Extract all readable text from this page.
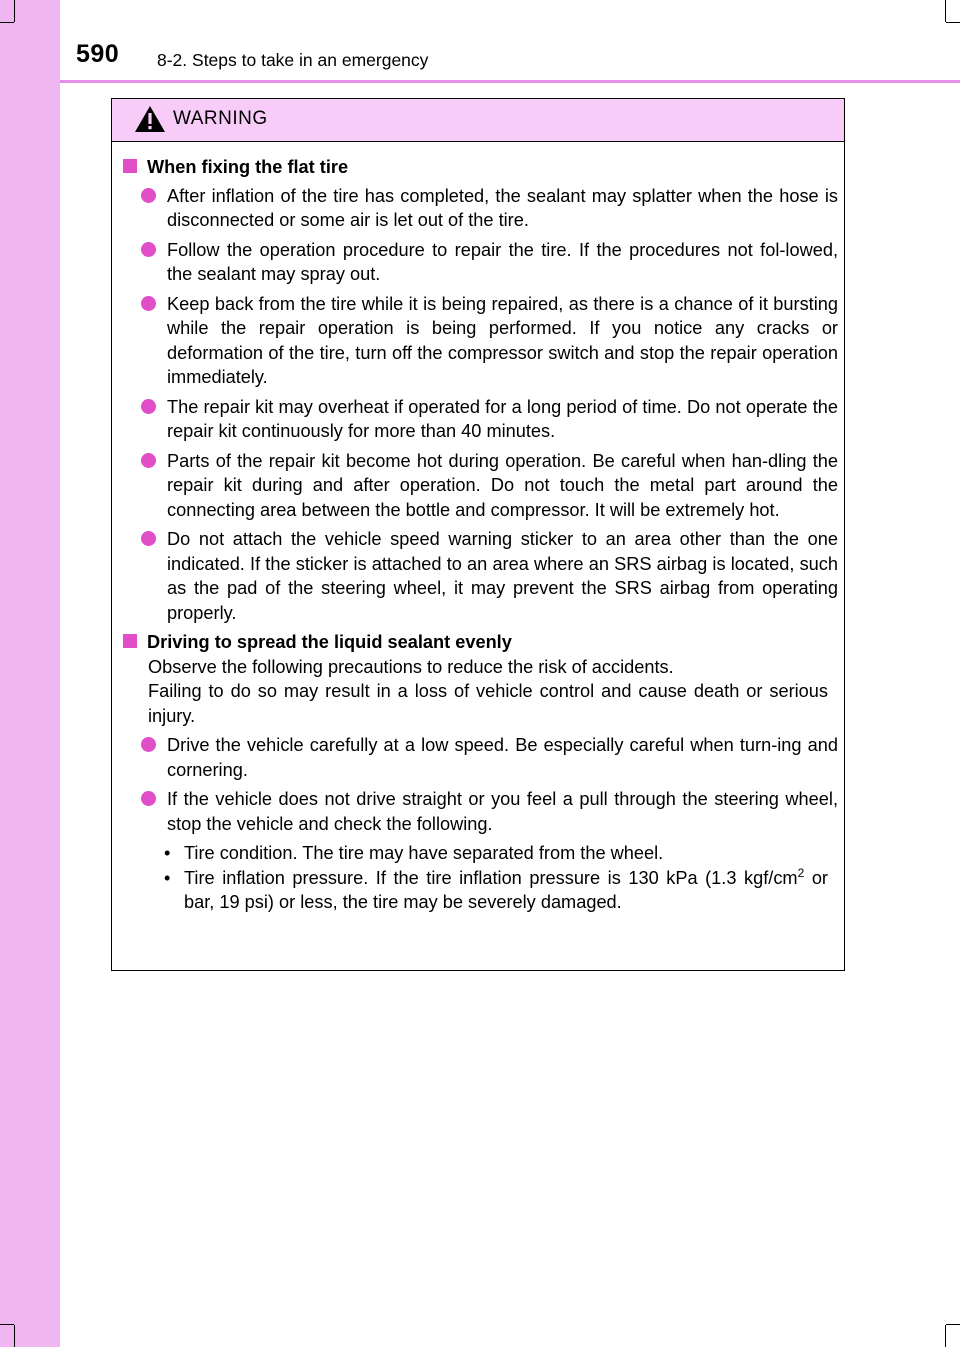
590 8-2. Steps to take in an emergency
WARNING
When fixing the flat tire
After inflation of the tire has completed, the sealant may splatter when the hose is disconnected or some air is let out of the tire.
Follow the operation procedure to repair the tire. If the procedures not fol-lowed, the sealant may spray out.
Keep back from the tire while it is being repaired, as there is a chance of it bursting while the repair operation is being performed. If you notice any cracks or deformation of the tire, turn off the compressor switch and stop the repair operation immediately.
The repair kit may overheat if operated for a long period of time. Do not operate the repair kit continuously for more than 40 minutes.
Parts of the repair kit become hot during operation. Be careful when han-dling the repair kit during and after operation. Do not touch the metal part around the connecting area between the bottle and compressor. It will be extremely hot.
Do not attach the vehicle speed warning sticker to an area other than the one indicated. If the sticker is attached to an area where an SRS airbag is located, such as the pad of the steering wheel, it may prevent the SRS airbag from operating properly.
Driving to spread the liquid sealant evenly
Observe the following precautions to reduce the risk of accidents.
Failing to do so may result in a loss of vehicle control and cause death or serious injury.
Drive the vehicle carefully at a low speed. Be especially careful when turn-ing and cornering.
If the vehicle does not drive straight or you feel a pull through the steering wheel, stop the vehicle and check the following.
• Tire condition. The tire may have separated from the wheel.
• Tire inflation pressure. If the tire inflation pressure is 130 kPa (1.3 kgf/$cm^2$ or bar, 19 psi) or less, the tire may be severely damaged.
